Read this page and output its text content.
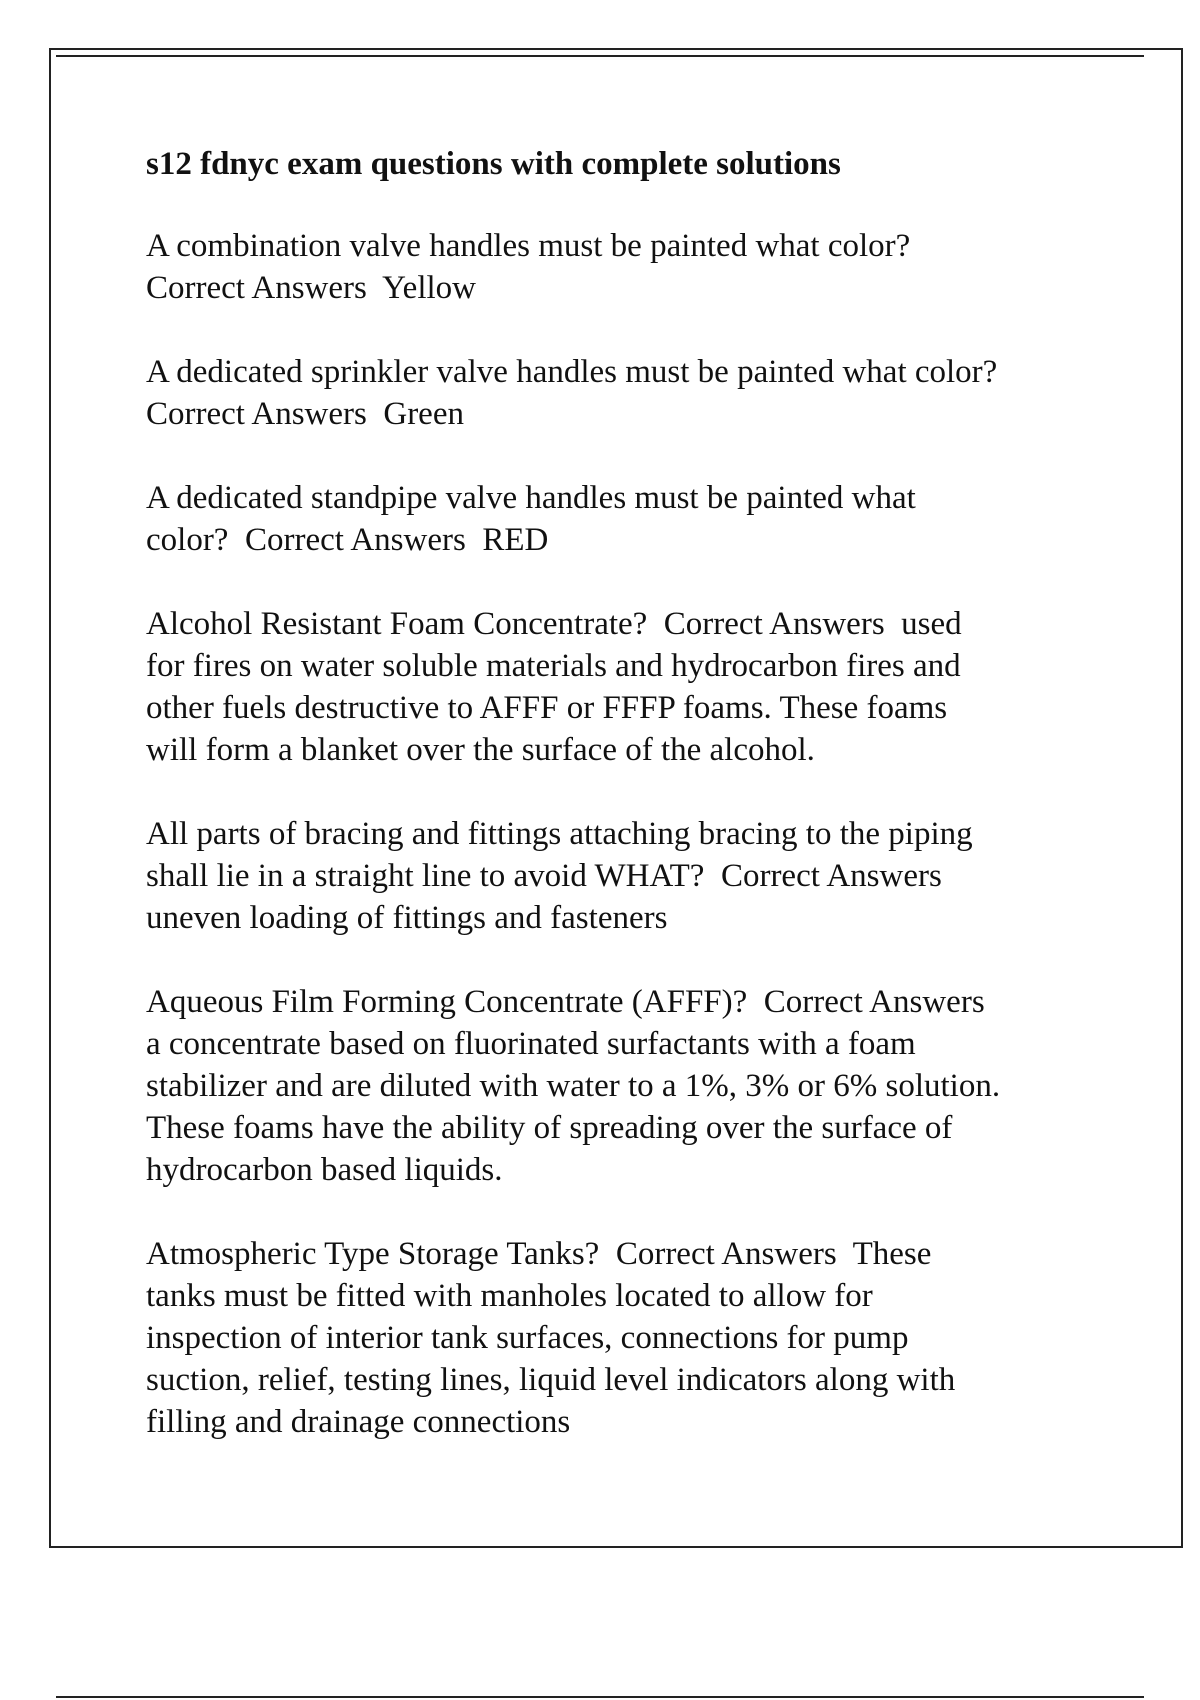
s12 fdnyc exam questions with complete solutions

A combination valve handles must be painted what color?
Correct Answers  Yellow

A dedicated sprinkler valve handles must be painted what color?
Correct Answers  Green

A dedicated standpipe valve handles must be painted what
color?  Correct Answers  RED

Alcohol Resistant Foam Concentrate?  Correct Answers  used
for fires on water soluble materials and hydrocarbon fires and
other fuels destructive to AFFF or FFFP foams. These foams
will form a blanket over the surface of the alcohol.

All parts of bracing and fittings attaching bracing to the piping
shall lie in a straight line to avoid WHAT?  Correct Answers
uneven loading of fittings and fasteners

Aqueous Film Forming Concentrate (AFFF)?  Correct Answers
a concentrate based on fluorinated surfactants with a foam
stabilizer and are diluted with water to a 1%, 3% or 6% solution.
These foams have the ability of spreading over the surface of
hydrocarbon based liquids.

Atmospheric Type Storage Tanks?  Correct Answers  These
tanks must be fitted with manholes located to allow for
inspection of interior tank surfaces, connections for pump
suction, relief, testing lines, liquid level indicators along with
filling and drainage connections
